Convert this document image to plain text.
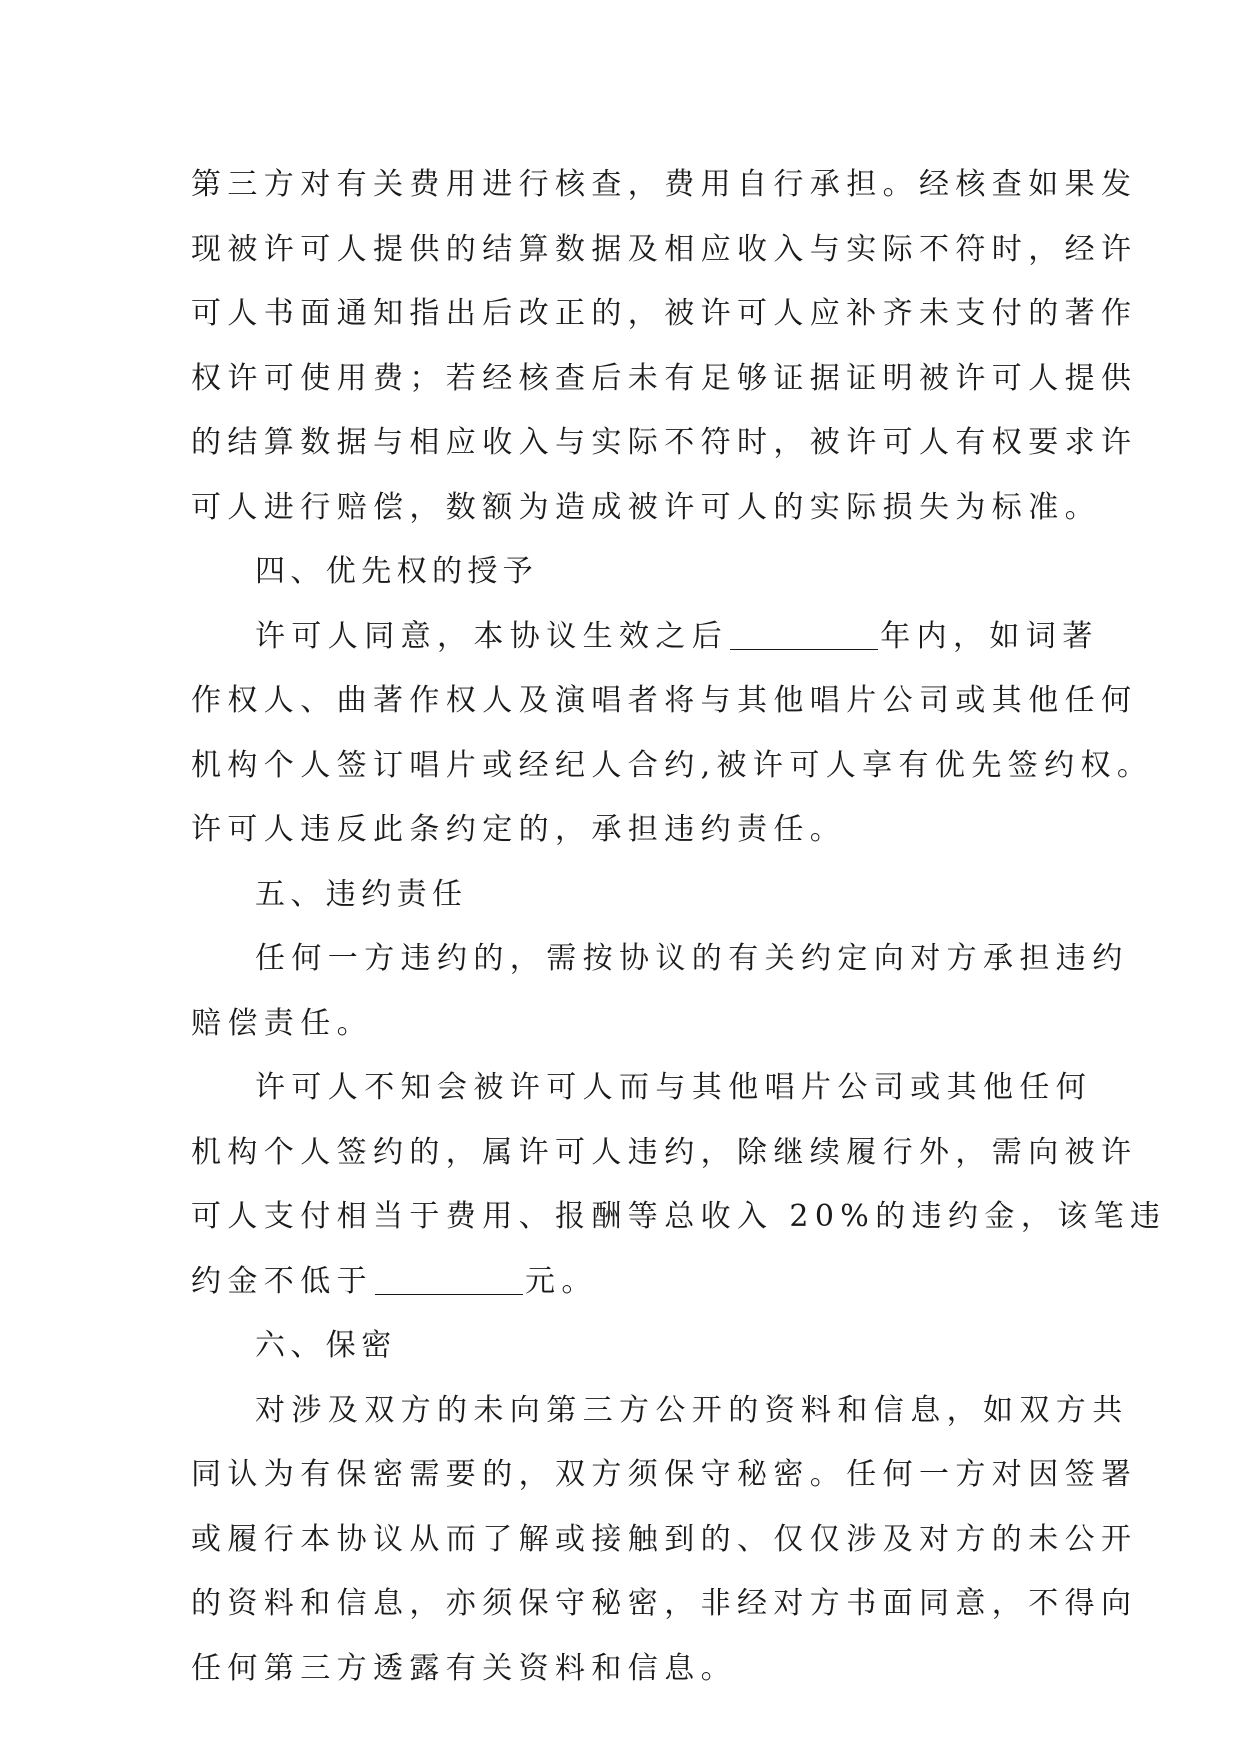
第三方对有关费用进行核查，费用自行承担。经核查如果发
现被许可人提供的结算数据及相应收入与实际不符时，经许
可人书面通知指出后改正的，被许可人应补齐未支付的著作
权许可使用费；若经核查后未有足够证据证明被许可人提供
的结算数据与相应收入与实际不符时，被许可人有权要求许
可人进行赔偿，数额为造成被许可人的实际损失为标准。
四、优先权的授予
许可人同意，本协议生效之后	年内，如词著
作权人、曲著作权人及演唱者将与其他唱片公司或其他任何
机构个人签订唱片或经纪人合约,被许可人享有优先签约权。
许可人违反此条约定的，承担违约责任。
五、违约责任
任何一方违约的，需按协议的有关约定向对方承担违约
赔偿责任。
许可人不知会被许可人而与其他唱片公司或其他任何
机构个人签约的，属许可人违约，除继续履行外，需向被许
可人支付相当于费用、报酬等总收入 20%的违约金，该笔违
约金不低于	元。
六、保密
对涉及双方的未向第三方公开的资料和信息，如双方共
同认为有保密需要的，双方须保守秘密。任何一方对因签署
或履行本协议从而了解或接触到的、仅仅涉及对方的未公开
的资料和信息，亦须保守秘密，非经对方书面同意，不得向
任何第三方透露有关资料和信息。
